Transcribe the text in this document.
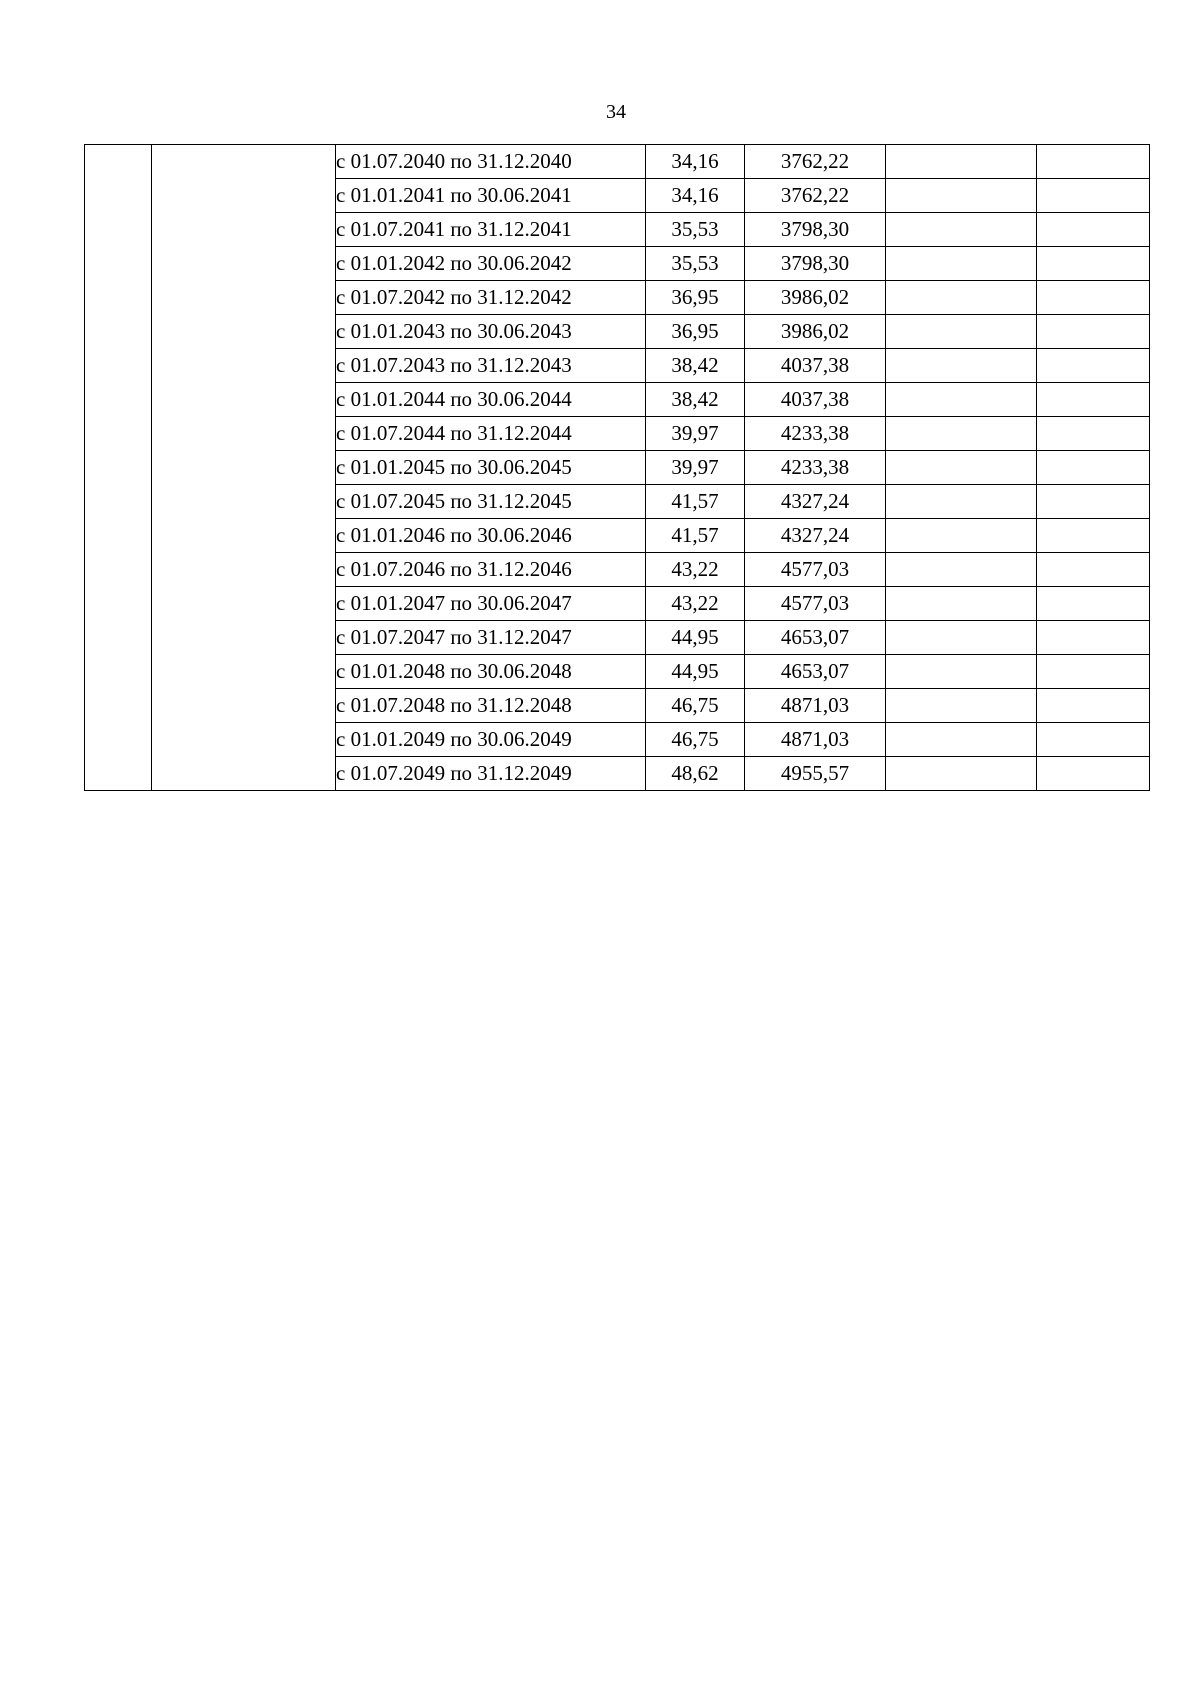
34
		с 01.07.2040 по 31.12.2040	34,16	3762,22		
		с 01.01.2041 по 30.06.2041	34,16	3762,22		
		с 01.07.2041 по 31.12.2041	35,53	3798,30		
		с 01.01.2042 по 30.06.2042	35,53	3798,30		
		с 01.07.2042 по 31.12.2042	36,95	3986,02		
		с 01.01.2043 по 30.06.2043	36,95	3986,02		
		с 01.07.2043 по 31.12.2043	38,42	4037,38		
		с 01.01.2044 по 30.06.2044	38,42	4037,38		
		с 01.07.2044 по 31.12.2044	39,97	4233,38		
		с 01.01.2045 по 30.06.2045	39,97	4233,38		
		с 01.07.2045 по 31.12.2045	41,57	4327,24		
		с 01.01.2046 по 30.06.2046	41,57	4327,24		
		с 01.07.2046 по 31.12.2046	43,22	4577,03		
		с 01.01.2047 по 30.06.2047	43,22	4577,03		
		с 01.07.2047 по 31.12.2047	44,95	4653,07		
		с 01.01.2048 по 30.06.2048	44,95	4653,07		
		с 01.07.2048 по 31.12.2048	46,75	4871,03		
		с 01.01.2049 по 30.06.2049	46,75	4871,03		
		с 01.07.2049 по 31.12.2049	48,62	4955,57		
